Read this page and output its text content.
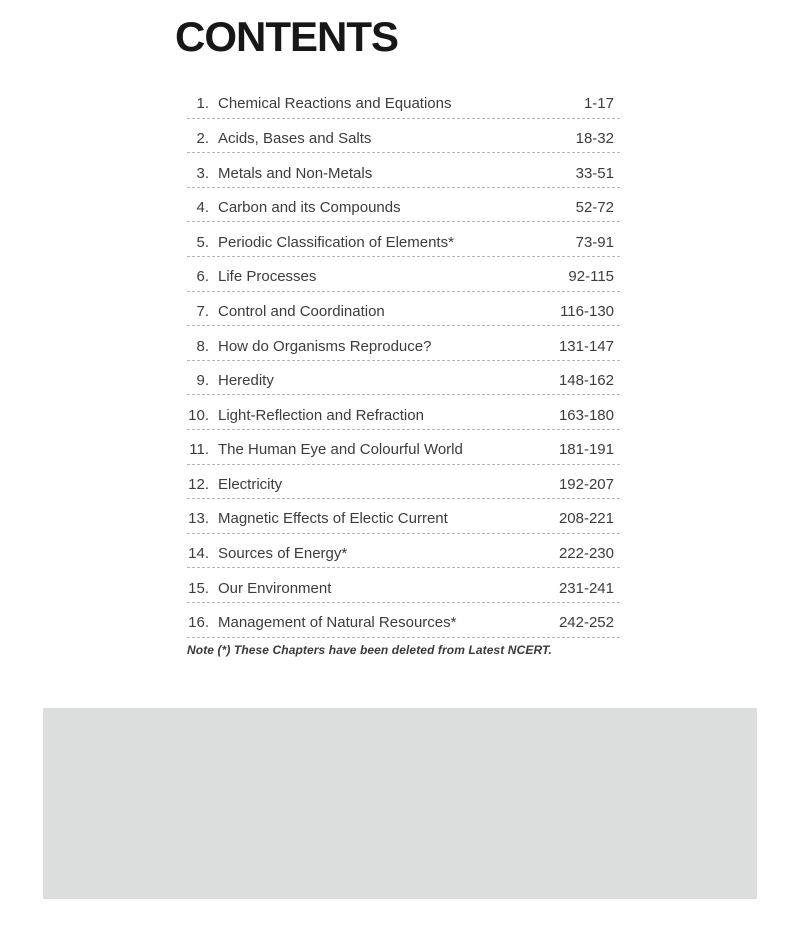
CONTENTS
1. Chemical Reactions and Equations	1-17
2. Acids, Bases and Salts	18-32
3. Metals and Non-Metals	33-51
4. Carbon and its Compounds	52-72
5. Periodic Classification of Elements*	73-91
6. Life Processes	92-115
7. Control and Coordination	116-130
8. How do Organisms Reproduce?	131-147
9. Heredity	148-162
10. Light-Reflection and Refraction	163-180
11. The Human Eye and Colourful World	181-191
12. Electricity	192-207
13. Magnetic Effects of Electic Current	208-221
14. Sources of Energy*	222-230
15. Our Environment	231-241
16. Management of Natural Resources*	242-252
Note (*) These Chapters have been deleted from Latest NCERT.
